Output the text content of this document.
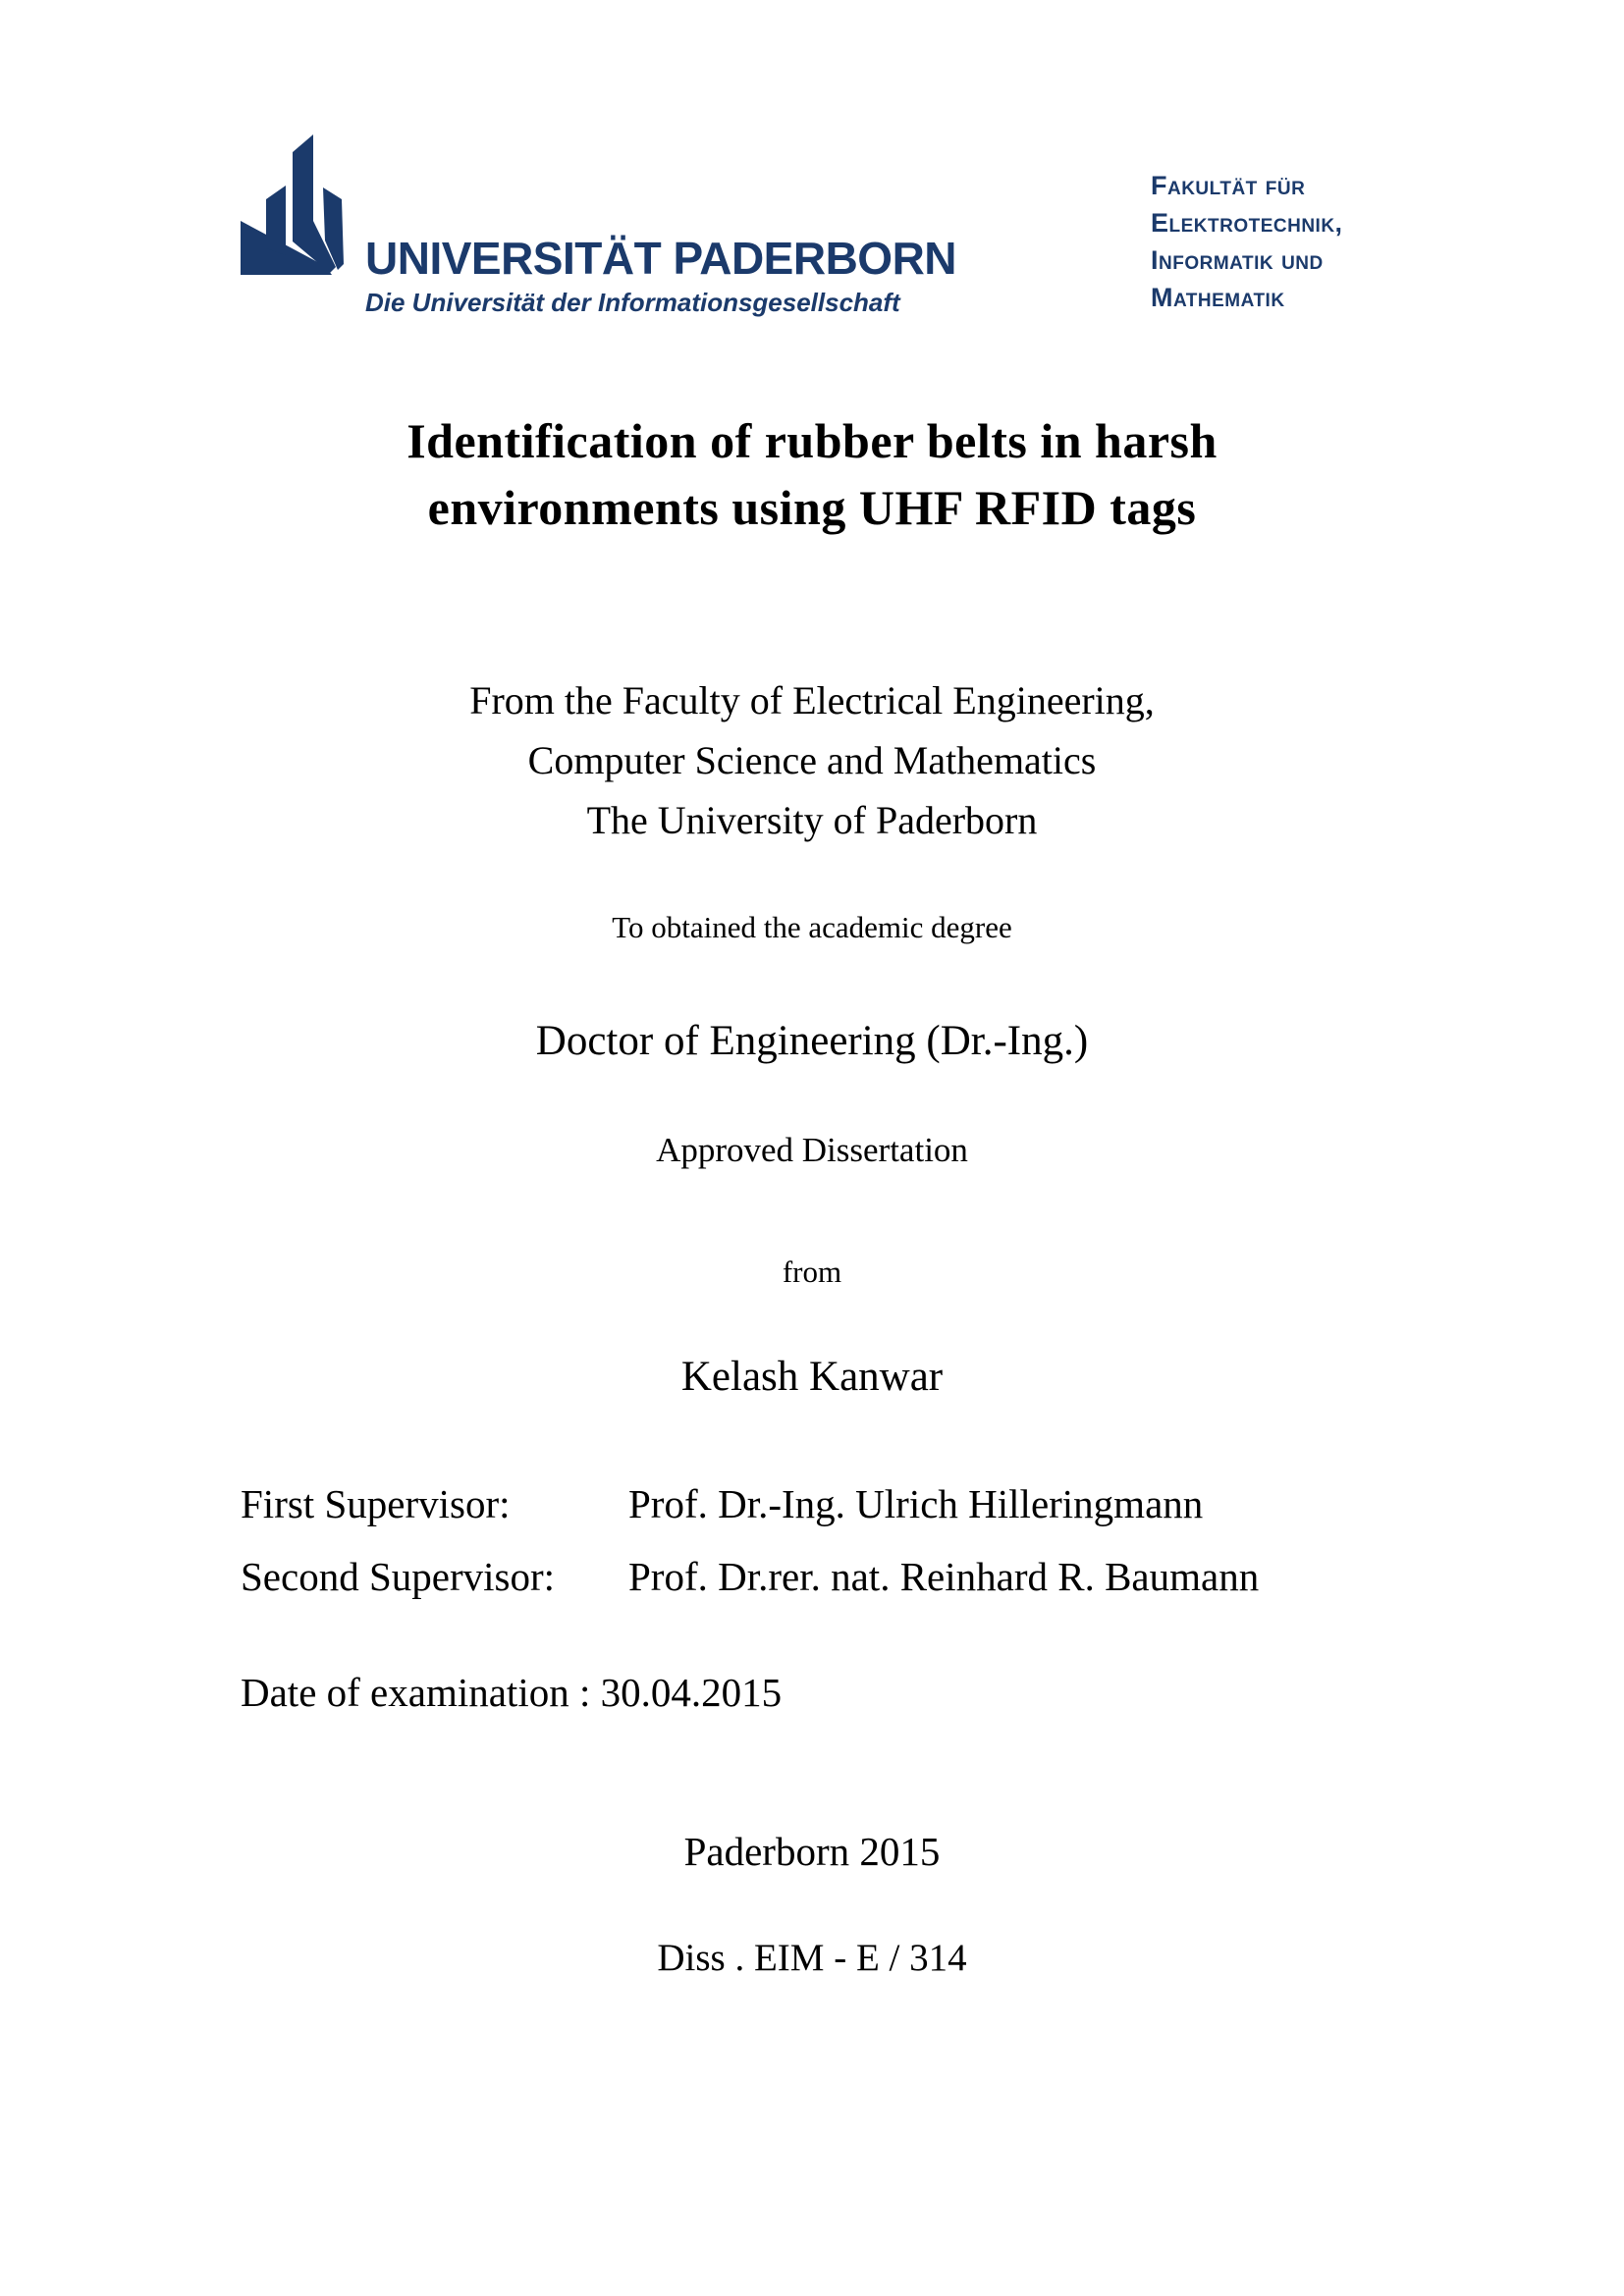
UNIVERSITÄT PADERBORN
Die Universität der Informationsgesellschaft
Fakultät für
Elektrotechnik,
Informatik und
Mathematik
Identification of rubber belts in harsh
environments using UHF RFID tags
From the Faculty of Electrical Engineering,
Computer Science and Mathematics
The University of Paderborn
To obtained the academic degree
Doctor of Engineering (Dr.-Ing.)
Approved Dissertation
from
Kelash Kanwar
First Supervisor:	Prof. Dr.-Ing. Ulrich Hilleringmann
Second Supervisor:	Prof. Dr.rer. nat. Reinhard R. Baumann
Date of examination : 30.04.2015
Paderborn 2015
Diss . EIM - E / 314
